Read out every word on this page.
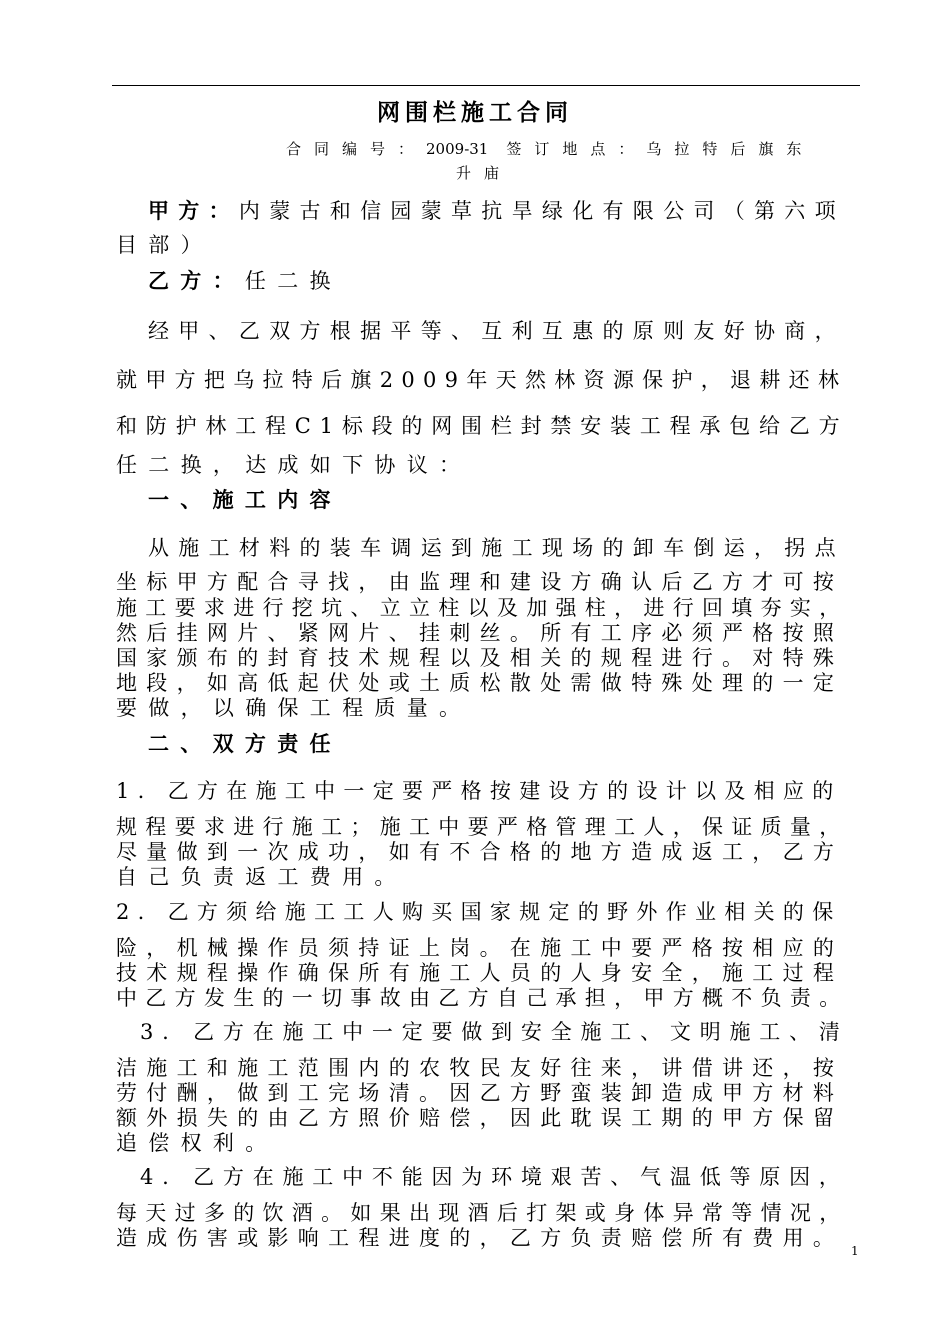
网围栏施工合同
合同编号：2009-31 签订地点：乌拉特后旗东
升庙
甲方：内蒙古和信园蒙草抗旱绿化有限公司（第六项
目部）
乙方：任二换
经甲、乙双方根据平等、互利互惠的原则友好协商，
就甲方把乌拉特后旗2009年天然林资源保护，退耕还林
和防护林工程C1标段的网围栏封禁安装工程承包给乙方
任二换，达成如下协议：
一、施工内容
从施工材料的装车调运到施工现场的卸车倒运，拐点
坐标甲方配合寻找，由监理和建设方确认后乙方才可按
施工要求进行挖坑、立立柱以及加强柱，进行回填夯实，
然后挂网片、紧网片、挂刺丝。所有工序必须严格按照
国家颁布的封育技术规程以及相关的规程进行。对特殊
地段，如高低起伏处或土质松散处需做特殊处理的一定
要做，以确保工程质量。
二、双方责任
1. 乙方在施工中一定要严格按建设方的设计以及相应的
规程要求进行施工；施工中要严格管理工人，保证质量，
尽量做到一次成功，如有不合格的地方造成返工，乙方
自己负责返工费用。
2. 乙方须给施工工人购买国家规定的野外作业相关的保
险，机械操作员须持证上岗。在施工中要严格按相应的
技术规程操作确保所有施工人员的人身安全，施工过程
中乙方发生的一切事故由乙方自己承担，甲方概不负责。
3. 乙方在施工中一定要做到安全施工、文明施工、清
洁施工和施工范围内的农牧民友好往来，讲借讲还，按
劳付酬，做到工完场清。因乙方野蛮装卸造成甲方材料
额外损失的由乙方照价赔偿，因此耽误工期的甲方保留
追偿权利。
4. 乙方在施工中不能因为环境艰苦、气温低等原因，
每天过多的饮酒。如果出现酒后打架或身体异常等情况，
造成伤害或影响工程进度的，乙方负责赔偿所有费用。
1
